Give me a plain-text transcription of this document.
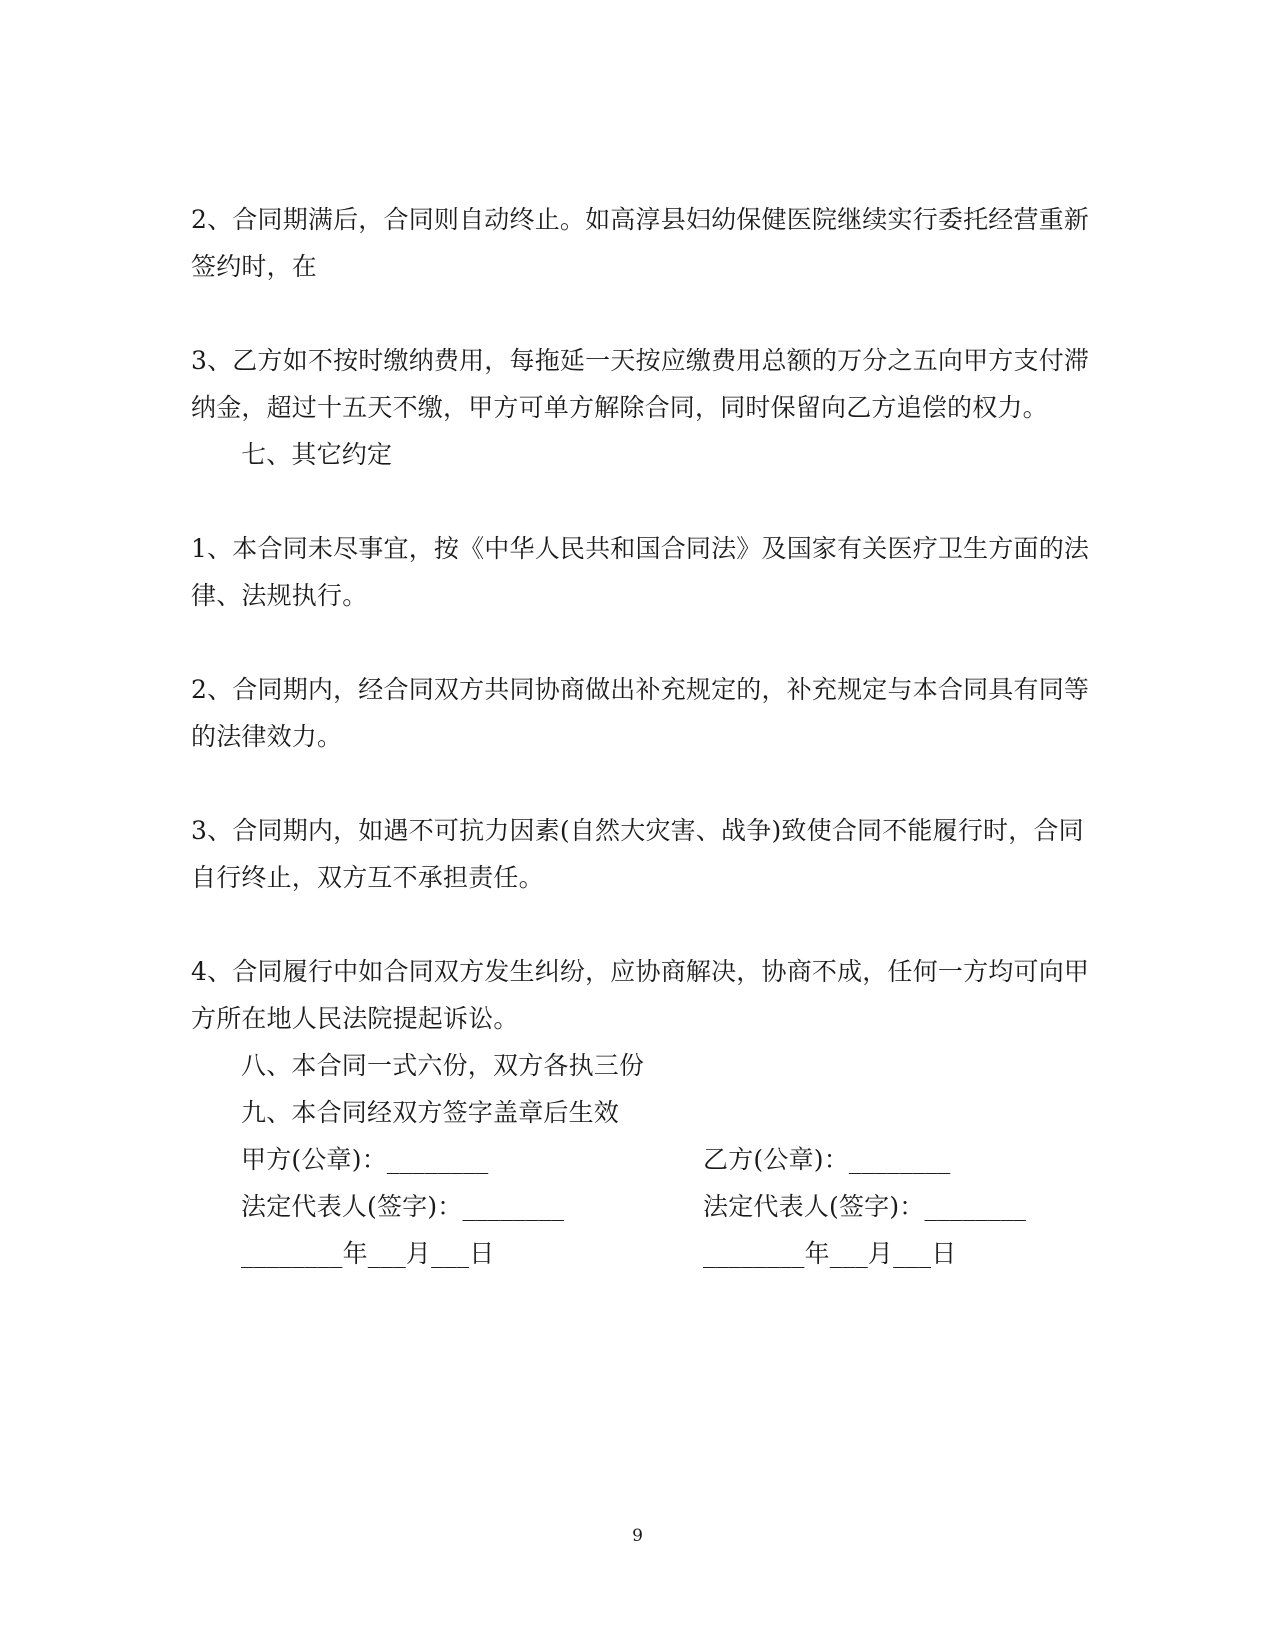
2、合同期满后，合同则自动终止。如高淳县妇幼保健医院继续实行委托经营重新
签约时，在
3、乙方如不按时缴纳费用，每拖延一天按应缴费用总额的万分之五向甲方支付滞
纳金，超过十五天不缴，甲方可单方解除合同，同时保留向乙方追偿的权力。
七、其它约定
1、本合同未尽事宜，按《中华人民共和国合同法》及国家有关医疗卫生方面的法
律、法规执行。
2、合同期内，经合同双方共同协商做出补充规定的，补充规定与本合同具有同等
的法律效力。
3、合同期内，如遇不可抗力因素(自然大灾害、战争)致使合同不能履行时，合同
自行终止，双方互不承担责任。
4、合同履行中如合同双方发生纠纷，应协商解决，协商不成，任何一方均可向甲
方所在地人民法院提起诉讼。
八、本合同一式六份，双方各执三份
九、本合同经双方签字盖章后生效
甲方(公章)：________	乙方(公章)：________
法定代表人(签字)：________	法定代表人(签字)：________
________年___月___日	________年___月___日
9
